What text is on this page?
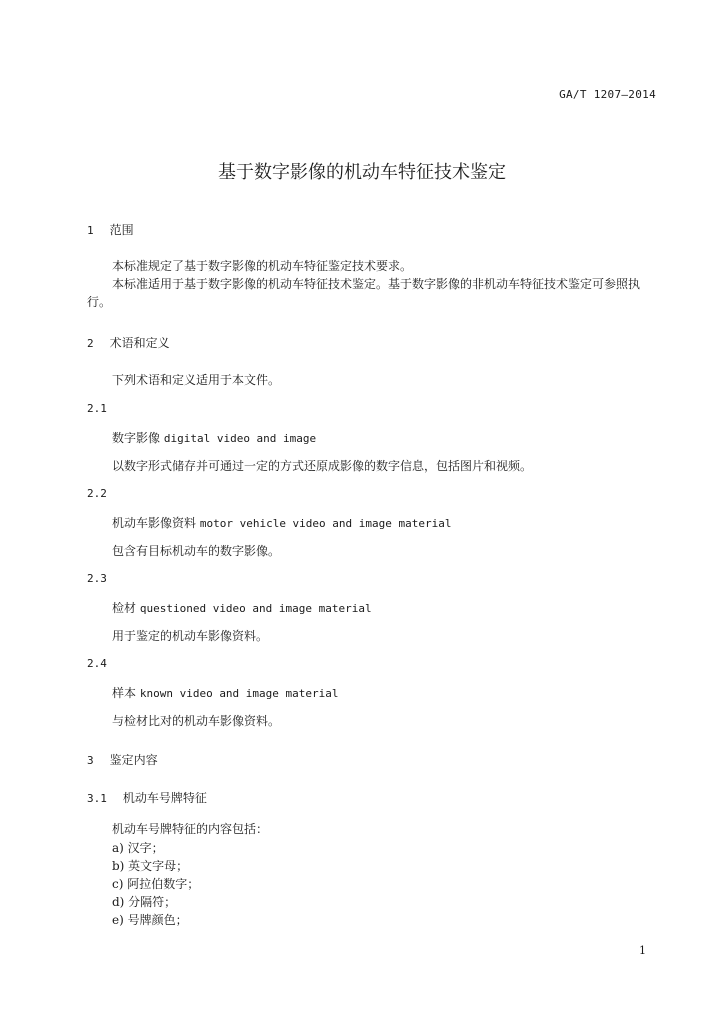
GA/T 1207—2014
基于数字影像的机动车特征技术鉴定
1 范围
本标准规定了基于数字影像的机动车特征鉴定技术要求。
本标准适用于基于数字影像的机动车特征技术鉴定。基于数字影像的非机动车特征技术鉴定可参照执行。
2 术语和定义
下列术语和定义适用于本文件。
2.1
数字影像 digital video and image
以数字形式储存并可通过一定的方式还原成影像的数字信息，包括图片和视频。
2.2
机动车影像资料 motor vehicle video and image material
包含有目标机动车的数字影像。
2.3
检材 questioned video and image material
用于鉴定的机动车影像资料。
2.4
样本 known video and image material
与检材比对的机动车影像资料。
3 鉴定内容
3.1 机动车号牌特征
机动车号牌特征的内容包括：
a) 汉字；
b) 英文字母；
c) 阿拉伯数字；
d) 分隔符；
e) 号牌颜色；
1
